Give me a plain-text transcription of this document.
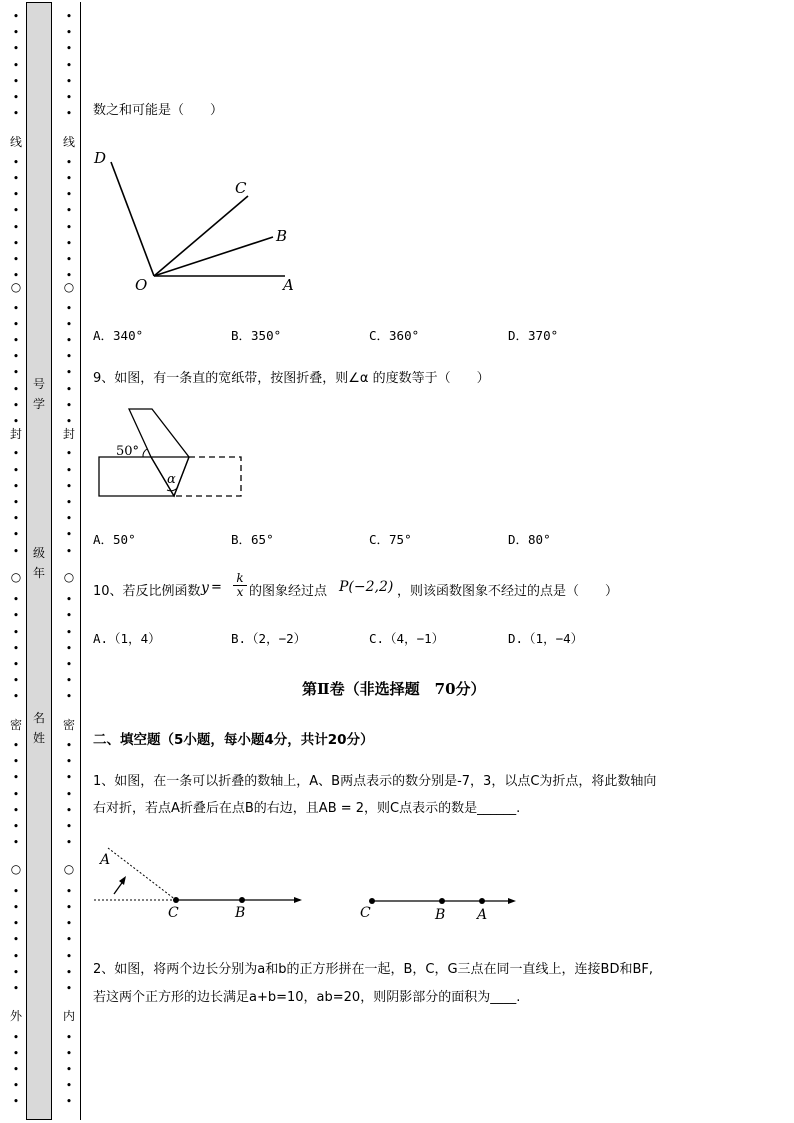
•
•
•
•
•
•
•
•
•
•
•
•
•
•
•
•
•
•
•
•
•
•
•
•
•
•
•
•
•
•
•
•
•
•
•
•
•
•
•
•
•
•
•
•
•
•
•
•
•
•
•
•
•
•
•
•
线
○
封
○
密
○
外
•
•
•
•
•
•
•
•
•
•
•
•
•
•
•
•
•
•
•
•
•
•
•
•
•
•
•
•
•
•
•
•
•
•
•
•
•
•
•
•
•
•
•
•
•
•
•
•
•
•
•
•
•
•
•
•
线
○
封
○
密
○
内
号
学
级
年
名
姓
数之和可能是（　　）
D
C
B
O	A
A．340°	B．350°	C．360°	D．370°
9、如图，有一条直的宽纸带，按图折叠，则∠α 的度数等于（　　）
50°
α
A．50°	B．65°	C．75°	D．80°
10、若反比例函数 $y = \frac{k}{x}$ 的图象经过点 P(−2,2) ，则该函数图象不经过的点是（　　）
A.（1，4）	B.（2，−2）	C.（4，−1）	D.（1，−4）
第Ⅱ卷（非选择题　70分）
二、填空题（5小题，每小题4分，共计20分）
1、如图，在一条可以折叠的数轴上，A、B两点表示的数分别是-7，3，以点C为折点，将此数轴向
右对折，若点A折叠后在点B的右边，且AB = 2，则C点表示的数是______.
A
C	B	C	B A
2、如图，将两个边长分别为a和b的正方形拼在一起，B，C，G三点在同一直线上，连接BD和BF,
若这两个正方形的边长满足a+b=10，ab=20，则阴影部分的面积为____.
